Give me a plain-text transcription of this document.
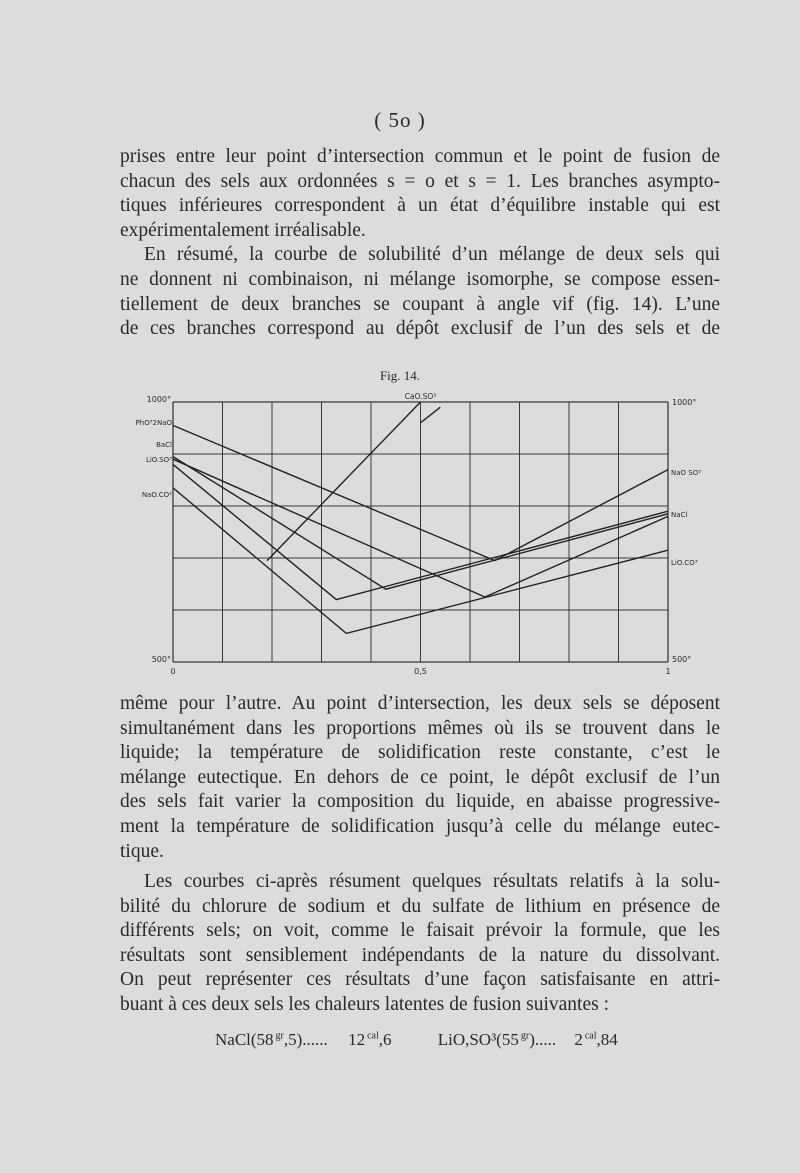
( 5o )
prises entre leur point d’intersection commun et le point de fusion de
chacun des sels aux ordonnées s = o et s = 1. Les branches asympto-
tiques inférieures correspondent à un état d’équilibre instable qui est
expérimentalement irréalisable.
En résumé, la courbe de solubilité d’un mélange de deux sels qui
ne donnent ni combinaison, ni mélange isomorphe, se compose essen-
tiellement de deux branches se coupant à angle vif (fig. 14). L’une
de ces branches correspond au dépôt exclusif de l’un des sels et de
Fig. 14.
1000°
500°
1000°
500°
0	0,5	1
PhO³2NaO
BaCl
LiO.SO³
NaO.CO²
NaO SO³
NaCl
LiO.CO³
CaO.SO³
même pour l’autre. Au point d’intersection, les deux sels se déposent
simultanément dans les proportions mêmes où ils se trouvent dans le
liquide; la température de solidification reste constante, c’est le
mélange eutectique. En dehors de ce point, le dépôt exclusif de l’un
des sels fait varier la composition du liquide, en abaisse progressive-
ment la température de solidification jusqu’à celle du mélange eutec-
tique.
Les courbes ci-après résument quelques résultats relatifs à la solu-
bilité du chlorure de sodium et du sulfate de lithium en présence de
différents sels; on voit, comme le faisait prévoir la formule, que les
résultats sont sensiblement indépendants de la nature du dissolvant.
On peut représenter ces résultats d’une façon satisfaisante en attri-
buant à ces deux sels les chaleurs latentes de fusion suivantes :
NaCl(58 $^{gr}$,5)...... 12 $^{cal}$,6	LiO,SO³(55 $^{gr}$)..... 2 $^{cal}$,84
